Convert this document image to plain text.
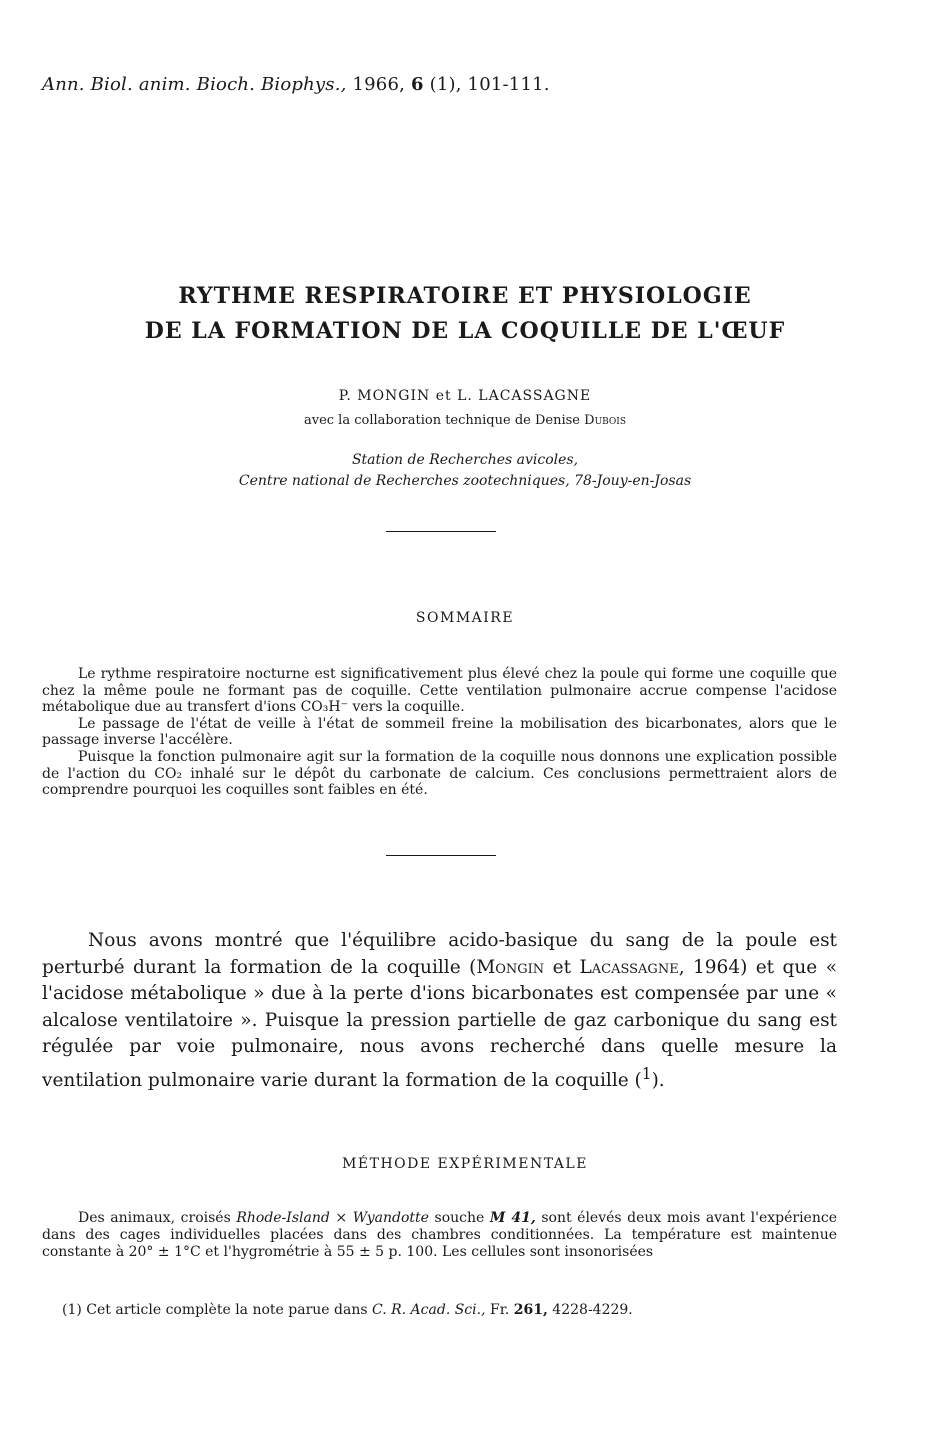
Ann. Biol. anim. Bioch. Biophys., 1966, 6 (1), 101-111.
RYTHME RESPIRATOIRE ET PHYSIOLOGIE
DE LA FORMATION DE LA COQUILLE DE L'ŒUF
P. MONGIN et L. LACASSAGNE
avec la collaboration technique de Denise Dubois
Station de Recherches avicoles,
Centre national de Recherches zootechniques, 78-Jouy-en-Josas
SOMMAIRE

Le rythme respiratoire nocturne est significativement plus élevé chez la poule qui forme une coquille que chez la même poule ne formant pas de coquille. Cette ventilation pulmonaire accrue compense l'acidose métabolique due au transfert d'ions CO₃H⁻ vers la coquille.

Le passage de l'état de veille à l'état de sommeil freine la mobilisation des bicarbonates, alors que le passage inverse l'accélère.

Puisque la fonction pulmonaire agit sur la formation de la coquille nous donnons une explication possible de l'action du CO₂ inhalé sur le dépôt du carbonate de calcium. Ces conclusions permettraient alors de comprendre pourquoi les coquilles sont faibles en été.

Nous avons montré que l'équilibre acido-basique du sang de la poule est perturbé durant la formation de la coquille (Mongin et Lacassagne, 1964) et que « l'acidose métabolique » due à la perte d'ions bicarbonates est compensée par une « alcalose ventilatoire ». Puisque la pression partielle de gaz carbonique du sang est régulée par voie pulmonaire, nous avons recherché dans quelle mesure la ventilation pulmonaire varie durant la formation de la coquille ($^1$).

MÉTHODE EXPÉRIMENTALE

Des animaux, croisés Rhode-Island × Wyandotte souche M 41, sont élevés deux mois avant l'expérience dans des cages individuelles placées dans des chambres conditionnées. La température est maintenue constante à 20° ± 1°C et l'hygrométrie à 55 ± 5 p. 100. Les cellules sont insonorisées

(1) Cet article complète la note parue dans C. R. Acad. Sci., Fr. 261, 4228-4229.
